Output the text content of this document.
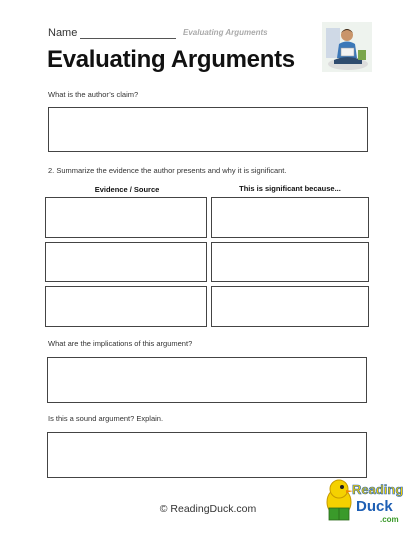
Name	Evaluating Arguments
Evaluating Arguments
What is the author’s claim?
2. Summarize the evidence the author presents and why it is significant.
Evidence / Source	This is significant because...
What are the implications of this argument?
Is this a sound argument? Explain.
© ReadingDuck.com
Reading
Duck
.com
